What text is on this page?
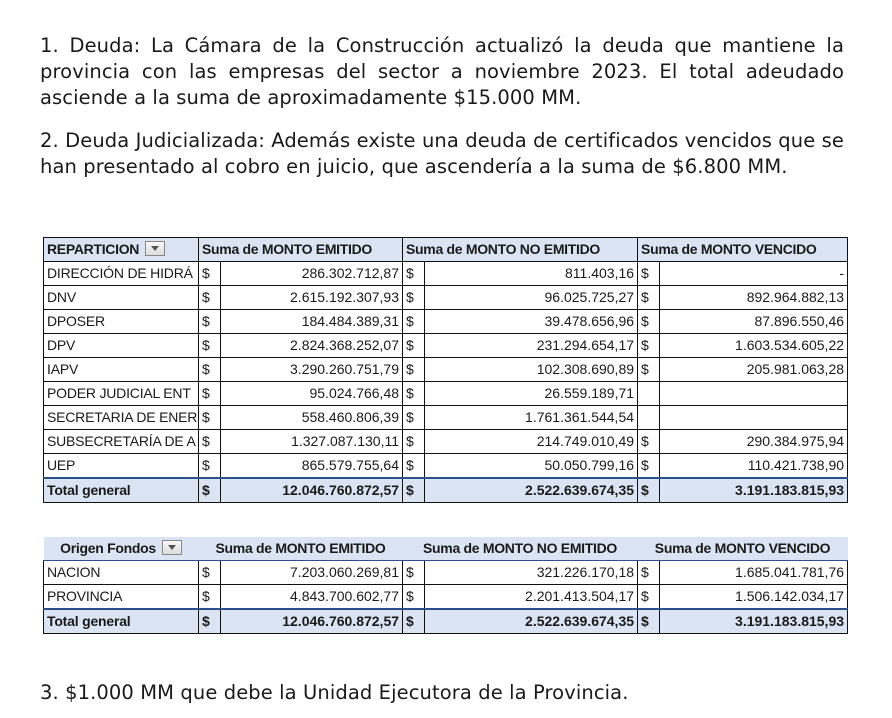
1. Deuda: La Cámara de la Construcción actualizó la deuda que mantiene la provincia con las empresas del sector a noviembre 2023. El total adeudado asciende a la suma de aproximadamente $15.000 MM.

2. Deuda Judicializada: Además existe una deuda de certificados vencidos que se han presentado al cobro en juicio, que ascendería a la suma de $6.800 MM.

REPARTICION	Suma de MONTO EMITIDO		Suma de MONTO NO EMITIDO		Suma de MONTO VENCIDO	
DIRECCIÓN DE HIDRÁ	$	286.302.712,87	$	811.403,16	$	-
DNV	$	2.615.192.307,93	$	96.025.725,27	$	892.964.882,13
DPOSER	$	184.484.389,31	$	39.478.656,96	$	87.896.550,46
DPV	$	2.824.368.252,07	$	231.294.654,17	$	1.603.534.605,22
IAPV	$	3.290.260.751,79	$	102.308.690,89	$	205.981.063,28
PODER JUDICIAL ENT	$	95.024.766,48	$	26.559.189,71		
SECRETARIA DE ENER	$	558.460.806,39	$	1.761.361.544,54		
SUBSECRETARÍA DE A	$	1.327.087.130,11	$	214.749.010,49	$	290.384.975,94
UEP	$	865.579.755,64	$	50.050.799,16	$	110.421.738,90
Total general	$	12.046.760.872,57	$	2.522.639.674,35	$	3.191.183.815,93
Origen Fondos	Suma de MONTO EMITIDO		Suma de MONTO NO EMITIDO		Suma de MONTO VENCIDO	
NACION	$	7.203.060.269,81	$	321.226.170,18	$	1.685.041.781,76
PROVINCIA	$	4.843.700.602,77	$	2.201.413.504,17	$	1.506.142.034,17
Total general	$	12.046.760.872,57	$	2.522.639.674,35	$	3.191.183.815,93

3. $1.000 MM que debe la Unidad Ejecutora de la Provincia.
